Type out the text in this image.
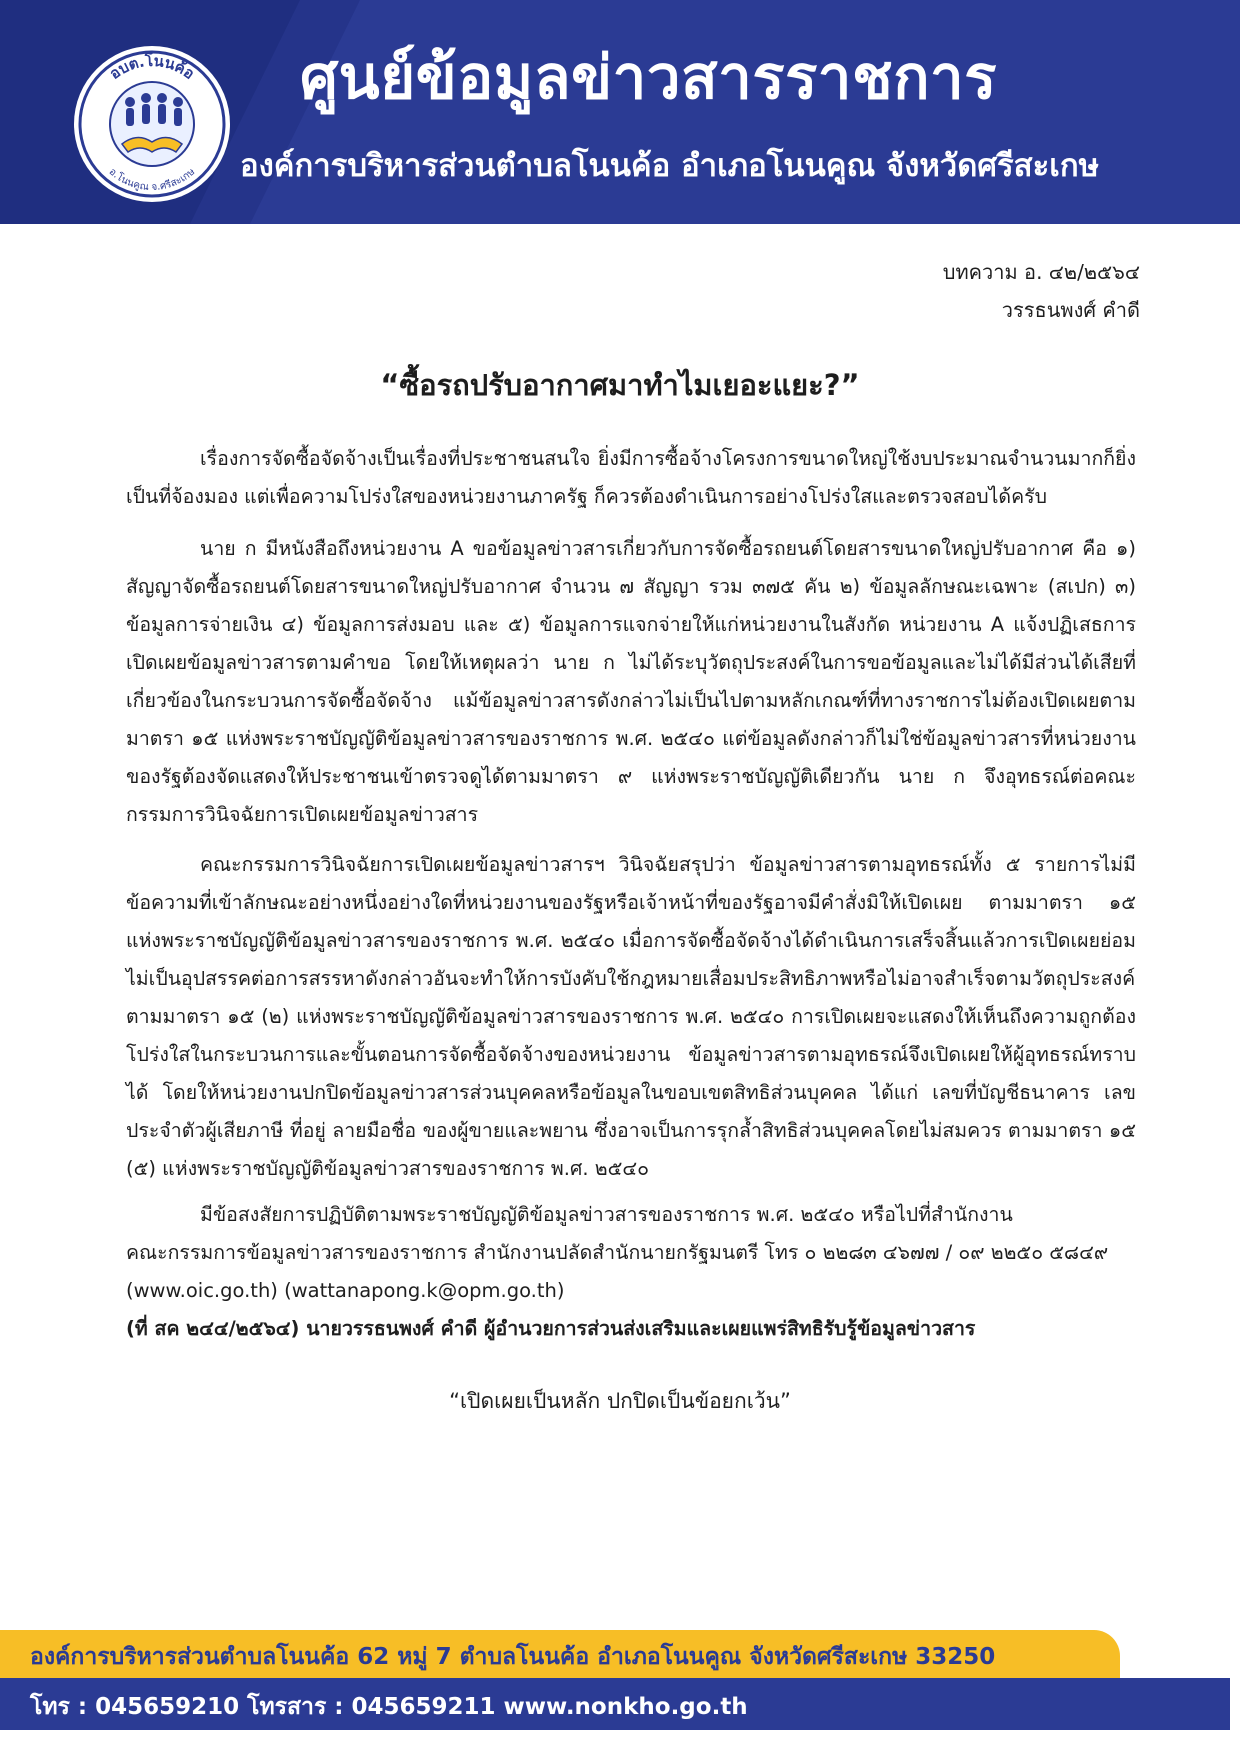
อบต.โนนค้อ
อ.โนนคูณ จ.ศรีสะเกษ
ศูนย์ข้อมูลข่าวสารราชการ
องค์การบริหารส่วนตำบลโนนค้อ อำเภอโนนคูณ จังหวัดศรีสะเกษ
บทความ อ. ๔๒/๒๕๖๔
วรรธนพงศ์ คำดี
“ซื้อรถปรับอากาศมาทำไมเยอะแยะ?”

เรื่องการจัดซื้อจัดจ้างเป็นเรื่องที่ประชาชนสนใจ ยิ่งมีการซื้อจ้างโครงการขนาดใหญ่ใช้งบประมาณจำนวนมากก็ยิ่งเป็นที่จ้องมอง แต่เพื่อความโปร่งใสของหน่วยงานภาครัฐ ก็ควรต้องดำเนินการอย่างโปร่งใสและตรวจสอบได้ครับ

นาย ก มีหนังสือถึงหน่วยงาน A ขอข้อมูลข่าวสารเกี่ยวกับการจัดซื้อรถยนต์โดยสารขนาดใหญ่ปรับอากาศ คือ ๑) สัญญาจัดซื้อรถยนต์โดยสารขนาดใหญ่ปรับอากาศ จำนวน ๗ สัญญา รวม ๓๗๕ คัน ๒) ข้อมูลลักษณะเฉพาะ (สเปก) ๓) ข้อมูลการจ่ายเงิน ๔) ข้อมูลการส่งมอบ และ ๕) ข้อมูลการแจกจ่ายให้แก่หน่วยงานในสังกัด หน่วยงาน A แจ้งปฏิเสธการเปิดเผยข้อมูลข่าวสารตามคำขอ โดยให้เหตุผลว่า นาย ก ไม่ได้ระบุวัตถุประสงค์ในการขอข้อมูลและไม่ได้มีส่วนได้เสียที่เกี่ยวข้องในกระบวนการจัดซื้อจัดจ้าง แม้ข้อมูลข่าวสารดังกล่าวไม่เป็นไปตามหลักเกณฑ์ที่ทางราชการไม่ต้องเปิดเผยตามมาตรา ๑๕ แห่งพระราชบัญญัติข้อมูลข่าวสารของราชการ พ.ศ. ๒๕๔๐ แต่ข้อมูลดังกล่าวก็ไม่ใช่ข้อมูลข่าวสารที่หน่วยงานของรัฐต้องจัดแสดงให้ประชาชนเข้าตรวจดูได้ตามมาตรา ๙ แห่งพระราชบัญญัติเดียวกัน นาย ก จึงอุทธรณ์ต่อคณะกรรมการวินิจฉัยการเปิดเผยข้อมูลข่าวสาร

คณะกรรมการวินิจฉัยการเปิดเผยข้อมูลข่าวสารฯ วินิจฉัยสรุปว่า ข้อมูลข่าวสารตามอุทธรณ์ทั้ง ๕ รายการไม่มีข้อความที่เข้าลักษณะอย่างหนึ่งอย่างใดที่หน่วยงานของรัฐหรือเจ้าหน้าที่ของรัฐอาจมีคำสั่งมิให้เปิดเผย ตามมาตรา ๑๕ แห่งพระราชบัญญัติข้อมูลข่าวสารของราชการ พ.ศ. ๒๕๔๐ เมื่อการจัดซื้อจัดจ้างได้ดำเนินการเสร็จสิ้นแล้วการเปิดเผยย่อมไม่เป็นอุปสรรคต่อการสรรหาดังกล่าวอันจะทำให้การบังคับใช้กฎหมายเสื่อมประสิทธิภาพหรือไม่อาจสำเร็จตามวัตถุประสงค์ ตามมาตรา ๑๕ (๒) แห่งพระราชบัญญัติข้อมูลข่าวสารของราชการ พ.ศ. ๒๕๔๐ การเปิดเผยจะแสดงให้เห็นถึงความถูกต้องโปร่งใสในกระบวนการและขั้นตอนการจัดซื้อจัดจ้างของหน่วยงาน ข้อมูลข่าวสารตามอุทธรณ์จึงเปิดเผยให้ผู้อุทธรณ์ทราบได้ โดยให้หน่วยงานปกปิดข้อมูลข่าวสารส่วนบุคคลหรือข้อมูลในขอบเขตสิทธิส่วนบุคคล ได้แก่ เลขที่บัญชีธนาคาร เลขประจำตัวผู้เสียภาษี ที่อยู่ ลายมือชื่อ ของผู้ขายและพยาน ซึ่งอาจเป็นการรุกล้ำสิทธิส่วนบุคคลโดยไม่สมควร ตามมาตรา ๑๕ (๕) แห่งพระราชบัญญัติข้อมูลข่าวสารของราชการ พ.ศ. ๒๕๔๐

มีข้อสงสัยการปฏิบัติตามพระราชบัญญัติข้อมูลข่าวสารของราชการ พ.ศ. ๒๕๔๐ หรือไปที่สำนักงาน
คณะกรรมการข้อมูลข่าวสารของราชการ สำนักงานปลัดสำนักนายกรัฐมนตรี โทร ๐ ๒๒๘๓ ๔๖๗๗ / ๐๙ ๒๒๕๐ ๕๘๔๙
(www.oic.go.th) (wattanapong.k@opm.go.th)
(ที่ สค ๒๔๔/๒๕๖๔) นายวรรธนพงศ์ คำดี ผู้อำนวยการส่วนส่งเสริมและเผยแพร่สิทธิรับรู้ข้อมูลข่าวสาร
“เปิดเผยเป็นหลัก ปกปิดเป็นข้อยกเว้น”
องค์การบริหารส่วนตำบลโนนค้อ 62 หมู่ 7 ตำบลโนนค้อ อำเภอโนนคูณ จังหวัดศรีสะเกษ 33250
โทร : 045659210 โทรสาร : 045659211 www.nonkho.go.th
